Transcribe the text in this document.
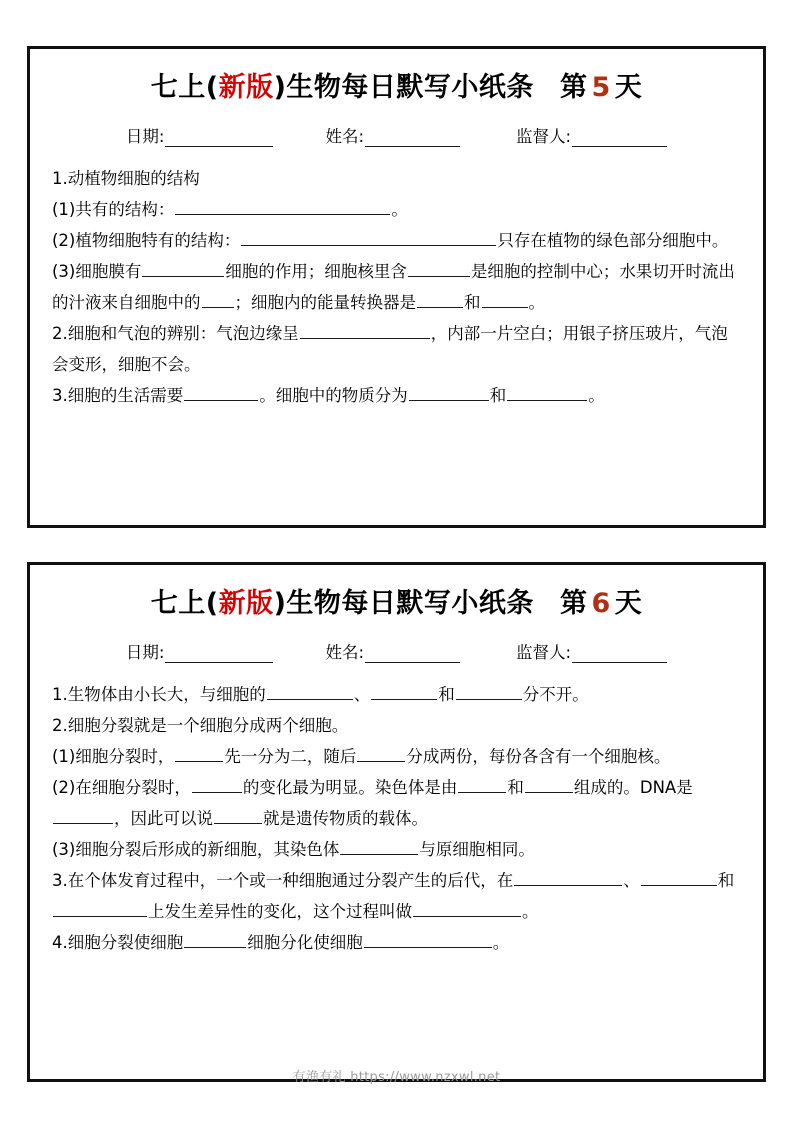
七上(新版)生物每日默写小纸条 第 5 天
日期:	姓名:	监督人:
1.动植物细胞的结构
(1)共有的结构：	。
(2)植物细胞特有的结构：	只存在植物的绿色部分细胞中。
(3)细胞膜有	细胞的作用；细胞核里含	是细胞的控制中心；水果切开时流出的汁液来自细胞中的 ；细胞内的能量转换器是	和	。
2.细胞和气泡的辨别：气泡边缘呈	，内部一片空白；用银子挤压玻片，气泡会变形，细胞不会。
3.细胞的生活需要	。细胞中的物质分为	和	。
七上(新版)生物每日默写小纸条 第 6 天
日期:	姓名:	监督人:
1.生物体由小长大，与细胞的	、	和	分不开。
2.细胞分裂就是一个细胞分成两个细胞。
(1)细胞分裂时，	先一分为二，随后	分成两份，每份各含有一个细胞核。
(2)在细胞分裂时，	的变化最为明显。染色体是由	和	组成的。DNA是，因此可以说	就是遗传物质的载体。
(3)细胞分裂后形成的新细胞，其染色体	与原细胞相同。
3.在个体发育过程中，一个或一种细胞通过分裂产生的后代，在	、	和上发生差异性的变化，这个过程叫做	。
4.细胞分裂使细胞	细胞分化使细胞	。
有渔有礼 https://www.nzxwl.net
